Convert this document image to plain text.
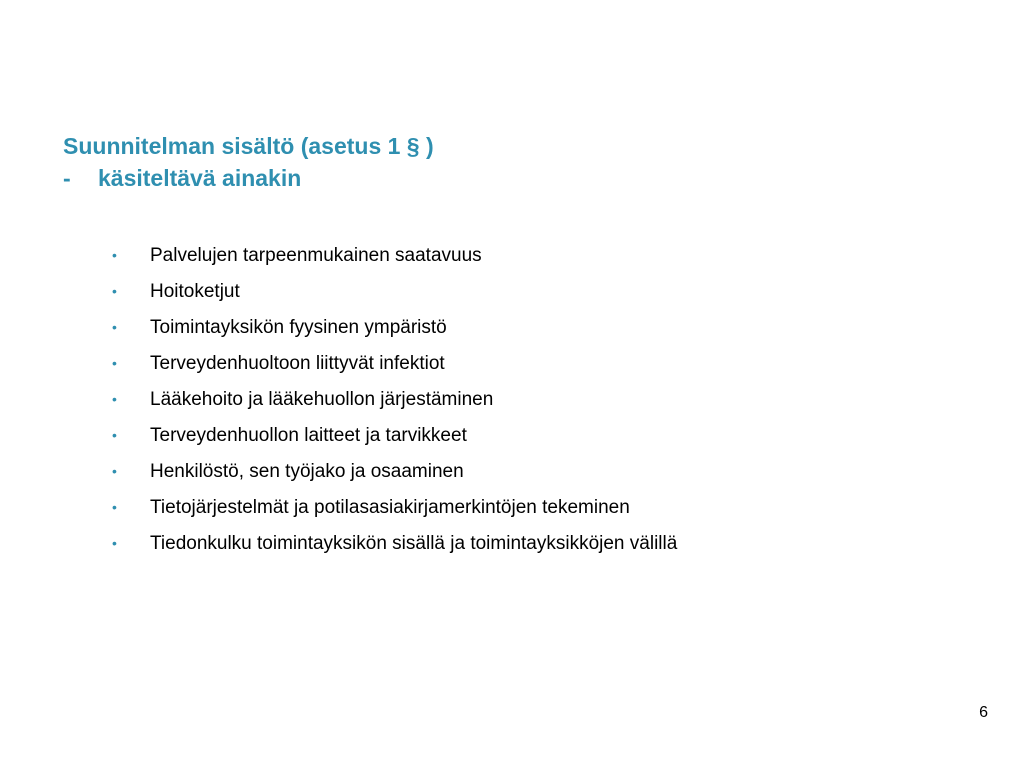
Suunnitelman sisältö (asetus 1 § )
- käsiteltävä ainakin
•	Palvelujen tarpeenmukainen saatavuus
•	Hoitoketjut
•	Toimintayksikön fyysinen ympäristö
•	Terveydenhuoltoon liittyvät infektiot
•	Lääkehoito ja lääkehuollon järjestäminen
•	Terveydenhuollon laitteet ja tarvikkeet
•	Henkilöstö, sen työjako ja osaaminen
•	Tietojärjestelmät ja potilasasiakirjamerkintöjen tekeminen
•	Tiedonkulku toimintayksikön sisällä ja toimintayksikköjen välillä
6
